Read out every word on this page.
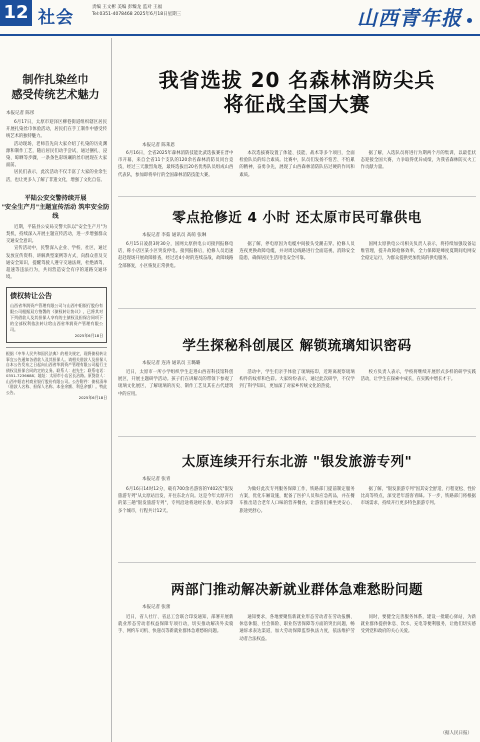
12 社会
责编 王文彬 美编 彭臻龙 监对 王福
Tel:0351-4078468 2025年6月18日星期三	山西青年报
制作扎染丝巾
感受传统艺术魅力
本报记者 陈彤

6月17日，太原市迎泽区柳巷街道组织辖区居民开展扎染丝巾体验活动，居民们在手工制作中感受传统艺术的独特魅力。

活动现场，老师首先向大家介绍了扎染的历史渊源和制作工艺，随后居民们动手尝试，通过捆扎、浸染、晾晒等步骤，一条条色彩斑斓的丝巾展现在大家面前。

居民们表示，此次活动不仅丰富了大家的业余生活，也让更多人了解了非遗文化，增强了文化自信。

平陆公安交警持续开展
"安全生产月"主题宣传活动 筑牢安全防线

近期，平陆县公安局交警大队以"安全生产月"为契机，持续深入开展主题宣传活动，进一步增强群众交通安全意识。

宣传活动中，民警深入企业、学校、社区，通过发放宣传资料、讲解典型案例等方式，向群众普及交通安全知识，提醒驾驶人遵守交通法规，杜绝酒驾、超速等违法行为，共同营造安全有序的道路交通环境。

债权转让公告
山西省华润资产管理有限公司与山西中阳银行股份有限公司根据双方签署的《债权转让协议》，已将其对下列借款人及其担保人享有的主债权及担保合同项下的全部权利依法转让给山西省华润资产管理有限公司。
2025年6月18日
根据《中华人民共和国民法典》的相关规定，现将债权转让事宜公告通知各借款人及其担保人。请相关借款人及担保人自本公告发布之日起向山西省华润资产管理有限公司履行主债权及担保合同约定的义务。联系人：赵先生；联系电话：0351-7236688；地址：太原市小店区长治路。原贷款人：山西中阳农村商业银行股份有限公司。公告附件：债权清单（借款人名称、担保人名称、本金余额、利息余额）。特此公告。
2025年6月18日
我省选拔 20 名森林消防尖兵
将征战全国大赛
本报记者 陈莱恩

6月16日，全省2025年森林消防技能比武选拔赛在晋中市开幕，来自全省11个支队的120余名森林消防员同台竞技，经过三天激烈角逐，最终选拔出20名优秀队员组成山西代表队，参加即将举行的全国森林消防技能大赛。

本次选拔赛设置了体能、技能、战术等多个项目，全面检验队员的综合素质。比赛中，队员们发扬不怕苦、不怕累的精神，奋勇争先，展现了山西森林消防队伍过硬的作风和素质。

据了解，入选队员将进行为期两个月的集训，以最佳状态迎接全国大赛，力争取得优异成绩，为我省森林防灭火工作贡献力量。

零点抢修近 4 小时 还太原市民可靠供电
本报记者 李茹 通讯员 高萌 张琳

6月15日凌晨3时30分，国网太原供电公司接到报修电话，称小店区某小区突发停电。接到报修后，抢修人员迅速赶赴现场开展故障排查，经过近4小时的连续奋战，故障线路全部修复，小区恢复正常供电。

据了解，停电原因为电缆中间接头受潮击穿。抢修人员连夜更换故障电缆，并对周边线路进行全面巡视，消除安全隐患，确保居民生活用电安全可靠。

国网太原供电公司相关负责人表示，将持续加强设备运维管理，提升故障抢修效率，全力保障迎峰度夏期间电网安全稳定运行，为群众提供更加优质的供电服务。

学生探秘科创展区 解锁琉璃知识密码
本报记者 连涛 通讯员 王璐璐

近日，太原市一所小学组织学生走进山西省科技馆科创展区，开展主题研学活动。孩子们在讲解员的带领下参观了琉璃文化展区，了解琉璃的历史、制作工艺及其在古代建筑中的应用。

活动中，学生们亲手体验了琉璃拓印，近距离观察琉璃构件的纹样和色彩。大家纷纷表示，通过此次研学，不仅学到了科学知识，更加深了对家乡传统文化的热爱。

校方负责人表示，学校将继续开展形式多样的研学实践活动，让学生在探索中成长，在实践中增长才干。

太原连续开行东北游 "银发旅游专列"
本报记者 张青

6月16日14时12分，载有700余名游客的Y402次"银发旅游专列"从太原站出发，开往东北方向。这是今年太原开行的第三趟"银发旅游专列"，专列沿途将途经长春、哈尔滨等多个城市，行程共计12天。

为做好此次专列服务保障工作，铁路部门提前制定服务方案，优化车厢设施，配备了医护人员和应急药品，并在餐车推出适合老年人口味的营养餐食，让游客们乘坐更安心、旅途更舒心。

据了解，"银发旅游专列"因其安全舒适、行程宽松、性价比高等特点，深受老年游客青睐。下一步，铁路部门将根据市场需求，持续开行更多特色旅游专列。

两部门推动解决新就业群体急难愁盼问题
本报记者 张蕾

近日，省人社厅、省总工会联合印发通知，部署开展新就业形态劳动者权益保障专项行动，切实推动解决外卖骑手、网约车司机、快递员等新就业群体急难愁盼问题。

通知要求，各地要聚焦新就业形态劳动者在劳动报酬、休息休假、社会保险、职业伤害保障等方面的突出问题，畅通诉求表达渠道，加大劳动保障监察执法力度，依法维护劳动者合法权益。

同时，要健全完善服务体系，建设一批暖心驿站，为新就业群体提供休息、饮水、充电等便利服务，让他们切实感受到党和政府的关心关爱。

（据人民日报）
